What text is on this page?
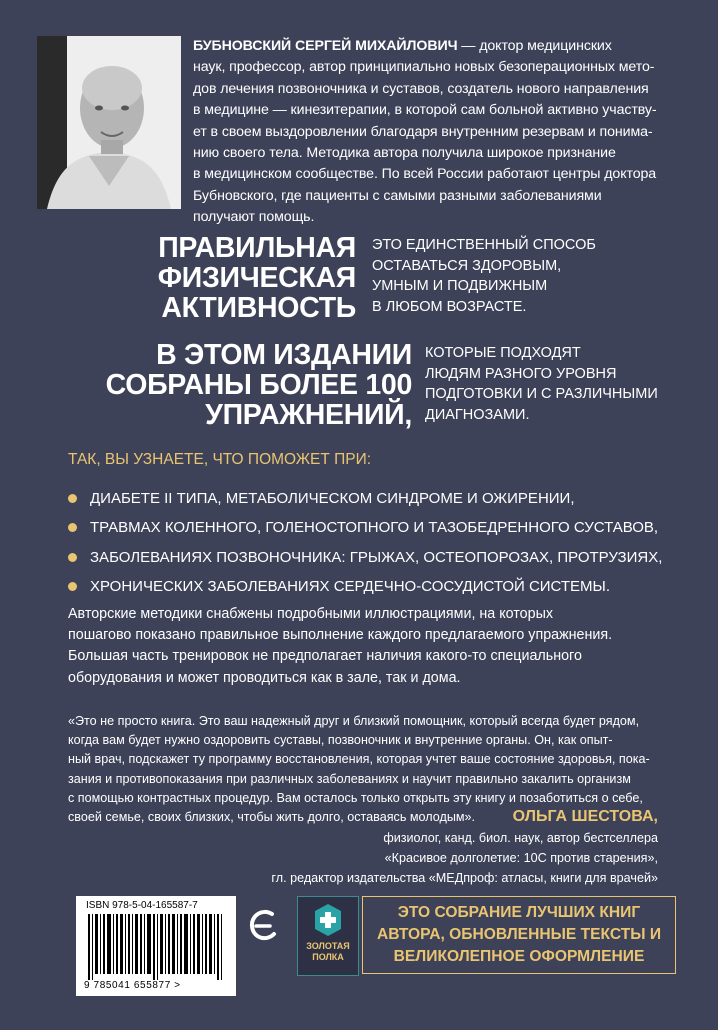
БУБНОВСКИЙ СЕРГЕЙ МИХАЙЛОВИЧ — доктор медицинских
наук, профессор, автор принципиально новых безоперационных мето-
дов лечения позвоночника и суставов, создатель нового направления
в медицине — кинезитерапии, в которой сам больной активно участву-
ет в своем выздоровлении благодаря внутренним резервам и понима-
нию своего тела. Методика автора получила широкое признание
в медицинском сообществе. По всей России работают центры доктора
Бубновского, где пациенты с самыми разными заболеваниями
получают помощь.
ПРАВИЛЬНАЯ
ФИЗИЧЕСКАЯ
АКТИВНОСТЬ
ЭТО ЕДИНСТВЕННЫЙ СПОСОБ
ОСТАВАТЬСЯ ЗДОРОВЫМ,
УМНЫМ И ПОДВИЖНЫМ
В ЛЮБОМ ВОЗРАСТЕ.
В ЭТОМ ИЗДАНИИ
СОБРАНЫ БОЛЕЕ 100
УПРАЖНЕНИЙ,
КОТОРЫЕ ПОДХОДЯТ
ЛЮДЯМ РАЗНОГО УРОВНЯ
ПОДГОТОВКИ И С РАЗЛИЧНЫМИ
ДИАГНОЗАМИ.
ТАК, ВЫ УЗНАЕТЕ, ЧТО ПОМОЖЕТ ПРИ:
ДИАБЕТЕ II ТИПА, МЕТАБОЛИЧЕСКОМ СИНДРОМЕ И ОЖИРЕНИИ,
ТРАВМАХ КОЛЕННОГО, ГОЛЕНОСТОПНОГО И ТАЗОБЕДРЕННОГО СУСТАВОВ,
ЗАБОЛЕВАНИЯХ ПОЗВОНОЧНИКА: ГРЫЖАХ, ОСТЕОПОРОЗАХ, ПРОТРУЗИЯХ,
ХРОНИЧЕСКИХ ЗАБОЛЕВАНИЯХ СЕРДЕЧНО-СОСУДИСТОЙ СИСТЕМЫ.
Авторские методики снабжены подробными иллюстрациями, на которых
пошагово показано правильное выполнение каждого предлагаемого упражнения.
Большая часть тренировок не предполагает наличия какого-то специального
оборудования и может проводиться как в зале, так и дома.
«Это не просто книга. Это ваш надежный друг и близкий помощник, который всегда будет рядом,
когда вам будет нужно оздоровить суставы, позвоночник и внутренние органы. Он, как опыт-
ный врач, подскажет ту программу восстановления, которая учтет ваше состояние здоровья, пока-
зания и противопоказания при различных заболеваниях и научит правильно закалить организм
с помощью контрастных процедур. Вам осталось только открыть эту книгу и позаботиться о себе,
своей семье, своих близких, чтобы жить долго, оставаясь молодым».	ОЛЬГА ШЕСТОВА,
физиолог, канд. биол. наук, автор бестселлера
«Красивое долголетие: 10С против старения»,
гл. редактор издательства «МЕДпроф: атласы, книги для врачей»
ISBN 978-5-04-165587-7
9 785041 655877 >
ЗОЛОТАЯ
ПОЛКА
ЭТО СОБРАНИЕ ЛУЧШИХ КНИГ АВТОРА, ОБНОВЛЕННЫЕ ТЕКСТЫ И ВЕЛИКОЛЕПНОЕ ОФОРМЛЕНИЕ
